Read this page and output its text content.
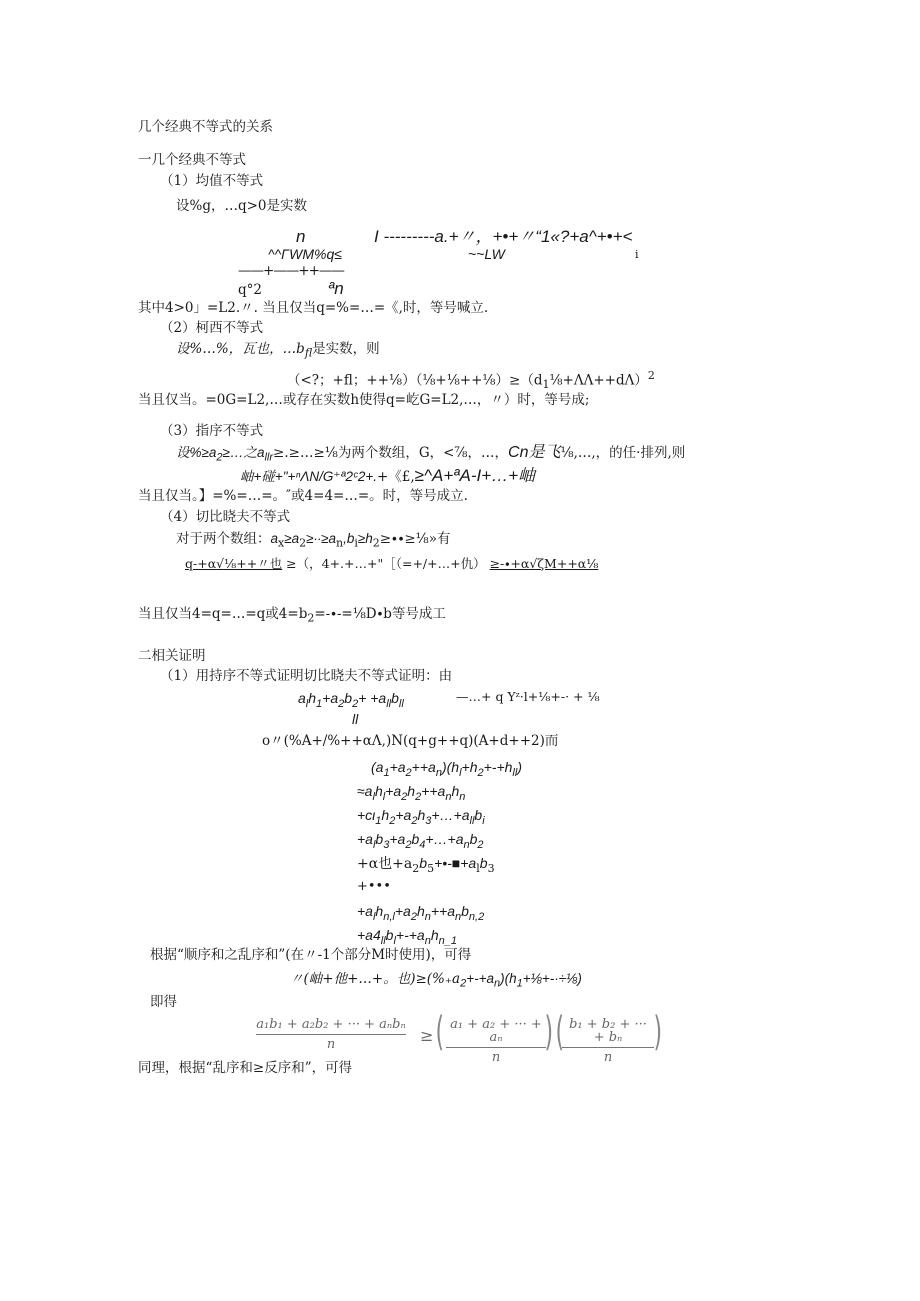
几个经典不等式的关系
一几个经典不等式
（1）均值不等式
设%g，…q>0是实数
n	I ---------a.+〃，+•+〃“1«?+a^+•+<
^^ΓWM%q≤	~~LW	i
——+——++——
q°2	ªn
其中4>0」=L2.〃. 当且仅当q=%=…=《,时，等号喊立.
（2）柯西不等式
设%…%，瓦也，$\dots b_{fl}$是实数，则
（<?；+fl；$++\frac{1}{8})(\frac{1}{8}+\frac{1}{8}++\frac{1}{8})\ge(d_1\frac{1}{8}+\Lambda\Lambda++d\Lambda)^2$
当且仅当。=0G=L2,…或存在实数h使得q=屹G=L2,…，〃）时，等号成;
（3）指序不等式
设$\%\ge a_2\ge\dots$之$a_{llr}\ge.\ge\dots\ge\frac{1}{8}$为两个数组，G，<⅞，…，Cn是飞⅛,…,，的任·排列,则
岫+碰+"+ⁿΛN/G⁺ª2ᶜ2+.+《£,≥^A+ªA-I+…+岫
当且仅当。】=%=…=。″或4=4=…=。时，等号成立.
（4）切比晓夫不等式
对于两个数组：$a_x\ge a_2\ge\cdot\cdot\ge a_n,b_i\ge h_2\ge\cdot\cdot\ge\frac{1}{8}$»有
q-+α√⅛++〃也 ≥（，4+.+…+"［（=+/+…+仇） ≥-∙+α√ζM++α⅛
当且仅当4=q=…=q或$4=b_2=-\cdot-=\frac{1}{8}D\cdot b$等号成工
二相关证明
（1）用持序不等式证明切比晓夫不等式证明：由
$a_lh_1+a_2b_2+ +a_{ll}b_{ll}$	—…+ q Yᶻ·l+⅛+-· + ⅛
ll
o〃(%A+/%++αΛ,)N(q+g++q)(A+d++2)而
$(a_1+a_2++a_n)(h_l+h_2+-+h_{ll})$
$\approx a_lh_l+a_2h_2++a_nh_n$
$+c\iota_1h_2+a_2h_3+\dots+a_{ll}b_i$
$+a_lb_3+a_2b_4+\dots+a_nb_2$
+α也$+a_2b_5+•-■+a_lb_3$
+•••
$+a_lh_{n,l}+a_2h_n++a_nb_{n,2}$
$+a4_{ll}b_l+-+a_nh_{n\_1}$
根据“顺序和之乱序和”(在〃-1个部分M时使用)，可得
〃(岫+他+…+。也)$\ge(\%_+a_2+-+a_n)(h_1+\frac{1}{8}+-\cdot\div\frac{1}{8})$
即得
a₁b₁ + a₂b₂ + ··· + aₙbₙ
n	≥ ( $\frac{\text{a₁ + a₂ + ··· + aₙ}}{n}$
) (
$\frac{\text{b₁ + b₂ + ··· + bₙ}}{n}$ )
同理，根据“乱序和≥反序和”，可得
